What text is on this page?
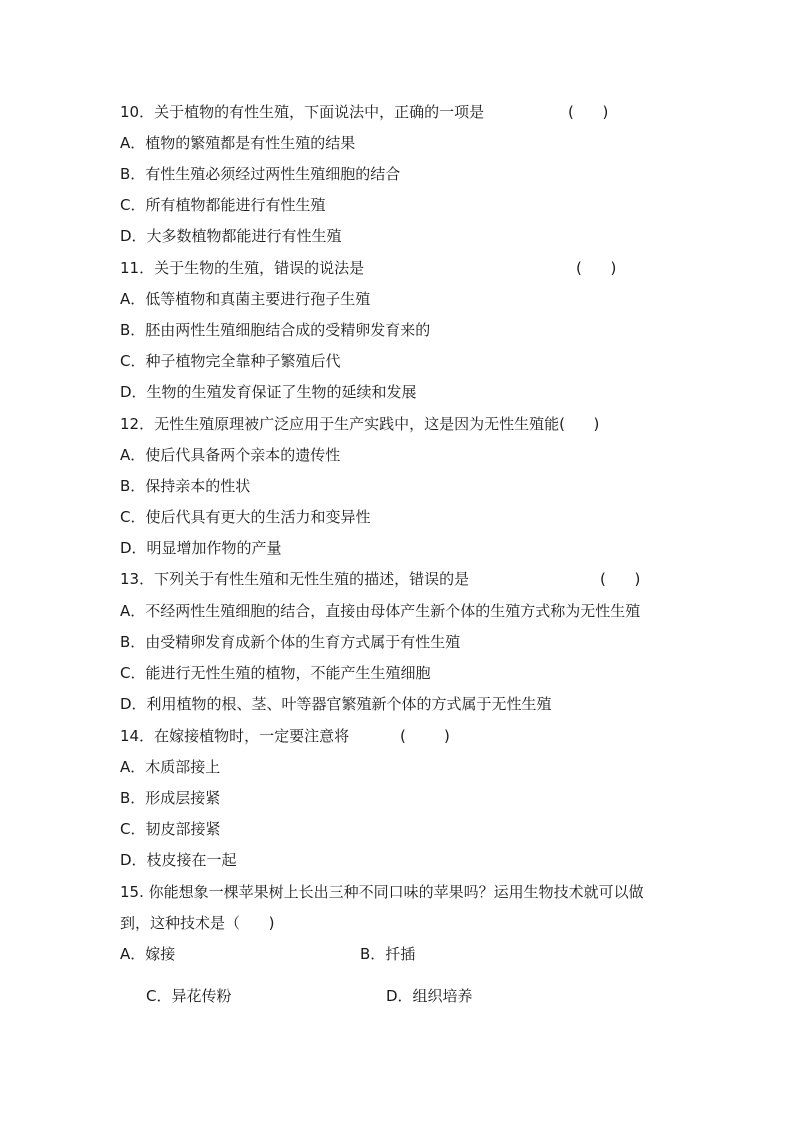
10．关于植物的有性生殖，下面说法中，正确的一项是	(      )
A．植物的繁殖都是有性生殖的结果
B．有性生殖必须经过两性生殖细胞的结合
C．所有植物都能进行有性生殖
D．大多数植物都能进行有性生殖
11．关于生物的生殖，错误的说法是	(      )
A．低等植物和真菌主要进行孢子生殖
B．胚由两性生殖细胞结合成的受精卵发育来的
C．种子植物完全靠种子繁殖后代
D．生物的生殖发育保证了生物的延续和发展
12．无性生殖原理被广泛应用于生产实践中，这是因为无性生殖能(      )
A．使后代具备两个亲本的遗传性
B．保持亲本的性状
C．使后代具有更大的生活力和变异性
D．明显增加作物的产量
13．下列关于有性生殖和无性生殖的描述，错误的是	(      )
A．不经两性生殖细胞的结合，直接由母体产生新个体的生殖方式称为无性生殖
B．由受精卵发育成新个体的生育方式属于有性生殖
C．能进行无性生殖的植物，不能产生生殖细胞
D．利用植物的根、茎、叶等器官繁殖新个体的方式属于无性生殖
14．在嫁接植物时，一定要注意将	(        )
A．木质部接上
B．形成层接紧
C．韧皮部接紧
D．枝皮接在一起
15. 你能想象一棵苹果树上长出三种不同口味的苹果吗？运用生物技术就可以做
到，这种技术是（      )
A．嫁接	B．扦插
C．异花传粉	D．组织培养
